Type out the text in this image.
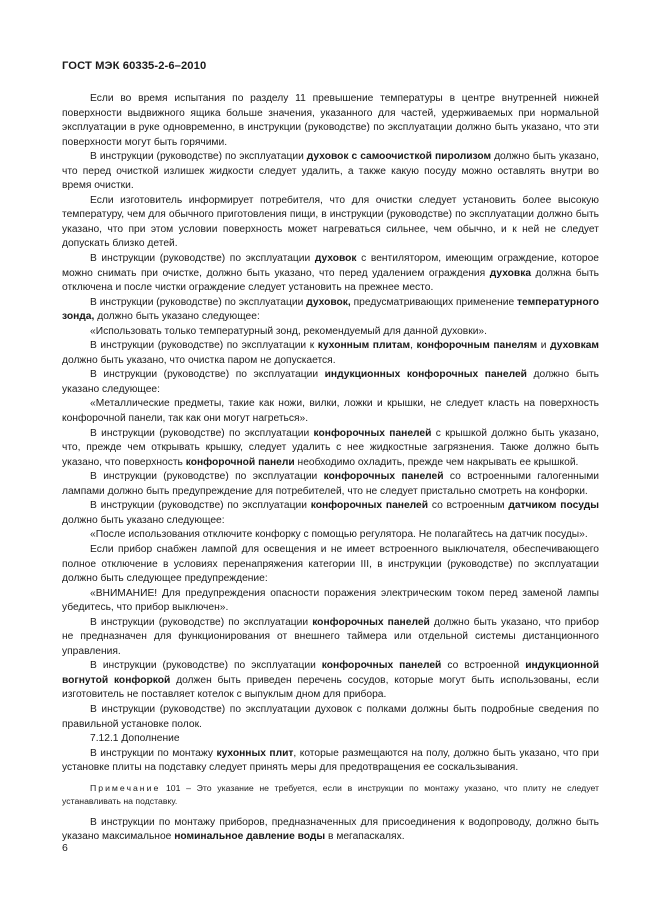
ГОСТ МЭК 60335-2-6–2010

Если во время испытания по разделу 11 превышение температуры в центре внутренней нижней поверхности выдвижного ящика больше значения, указанного для частей, удерживаемых при нормальной эксплуатации в руке одновременно, в инструкции (руководстве) по эксплуатации должно быть указано, что эти поверхности могут быть горячими.

В инструкции (руководстве) по эксплуатации духовок с самоочисткой пиролизом должно быть указано, что перед очисткой излишек жидкости следует удалить, а также какую посуду можно оставлять внутри во время очистки.

Если изготовитель информирует потребителя, что для очистки следует установить более высокую температуру, чем для обычного приготовления пищи, в инструкции (руководстве) по эксплуатации должно быть указано, что при этом условии поверхность может нагреваться сильнее, чем обычно, и к ней не следует допускать близко детей.

В инструкции (руководстве) по эксплуатации духовок с вентилятором, имеющим ограждение, которое можно снимать при очистке, должно быть указано, что перед удалением ограждения духовка должна быть отключена и после чистки ограждение следует установить на прежнее место.

В инструкции (руководстве) по эксплуатации духовок, предусматривающих применение температурного зонда, должно быть указано следующее:

«Использовать только температурный зонд, рекомендуемый для данной духовки».

В инструкции (руководстве) по эксплуатации к кухонным плитам, конфорочным панелям и духовкам должно быть указано, что очистка паром не допускается.

В инструкции (руководстве) по эксплуатации индукционных конфорочных панелей должно быть указано следующее:

«Металлические предметы, такие как ножи, вилки, ложки и крышки, не следует класть на поверхность конфорочной панели, так как они могут нагреться».

В инструкции (руководстве) по эксплуатации конфорочных панелей с крышкой должно быть указано, что, прежде чем открывать крышку, следует удалить с нее жидкостные загрязнения. Также должно быть указано, что поверхность конфорочной панели необходимо охладить, прежде чем накрывать ее крышкой.

В инструкции (руководстве) по эксплуатации конфорочных панелей со встроенными галогенными лампами должно быть предупреждение для потребителей, что не следует пристально смотреть на конфорки.

В инструкции (руководстве) по эксплуатации конфорочных панелей со встроенным датчиком посуды должно быть указано следующее:

«После использования отключите конфорку с помощью регулятора. Не полагайтесь на датчик посуды».

Если прибор снабжен лампой для освещения и не имеет встроенного выключателя, обеспечивающего полное отключение в условиях перенапряжения категории III, в инструкции (руководстве) по эксплуатации должно быть следующее предупреждение:

«ВНИМАНИЕ! Для предупреждения опасности поражения электрическим током перед заменой лампы убедитесь, что прибор выключен».

В инструкции (руководстве) по эксплуатации конфорочных панелей должно быть указано, что прибор не предназначен для функционирования от внешнего таймера или отдельной системы дистанционного управления.

В инструкции (руководстве) по эксплуатации конфорочных панелей со встроенной индукционной вогнутой конфоркой должен быть приведен перечень сосудов, которые могут быть использованы, если изготовитель не поставляет котелок с выпуклым дном для прибора.

В инструкции (руководстве) по эксплуатации духовок с полками должны быть подробные сведения по правильной установке полок.

7.12.1 Дополнение

В инструкции по монтажу кухонных плит, которые размещаются на полу, должно быть указано, что при установке плиты на подставку следует принять меры для предотвращения ее соскальзывания.

Примечание 101 – Это указание не требуется, если в инструкции по монтажу указано, что плиту не следует устанавливать на подставку.

В инструкции по монтажу приборов, предназначенных для присоединения к водопроводу, должно быть указано максимальное номинальное давление воды в мегапаскалях.

6
